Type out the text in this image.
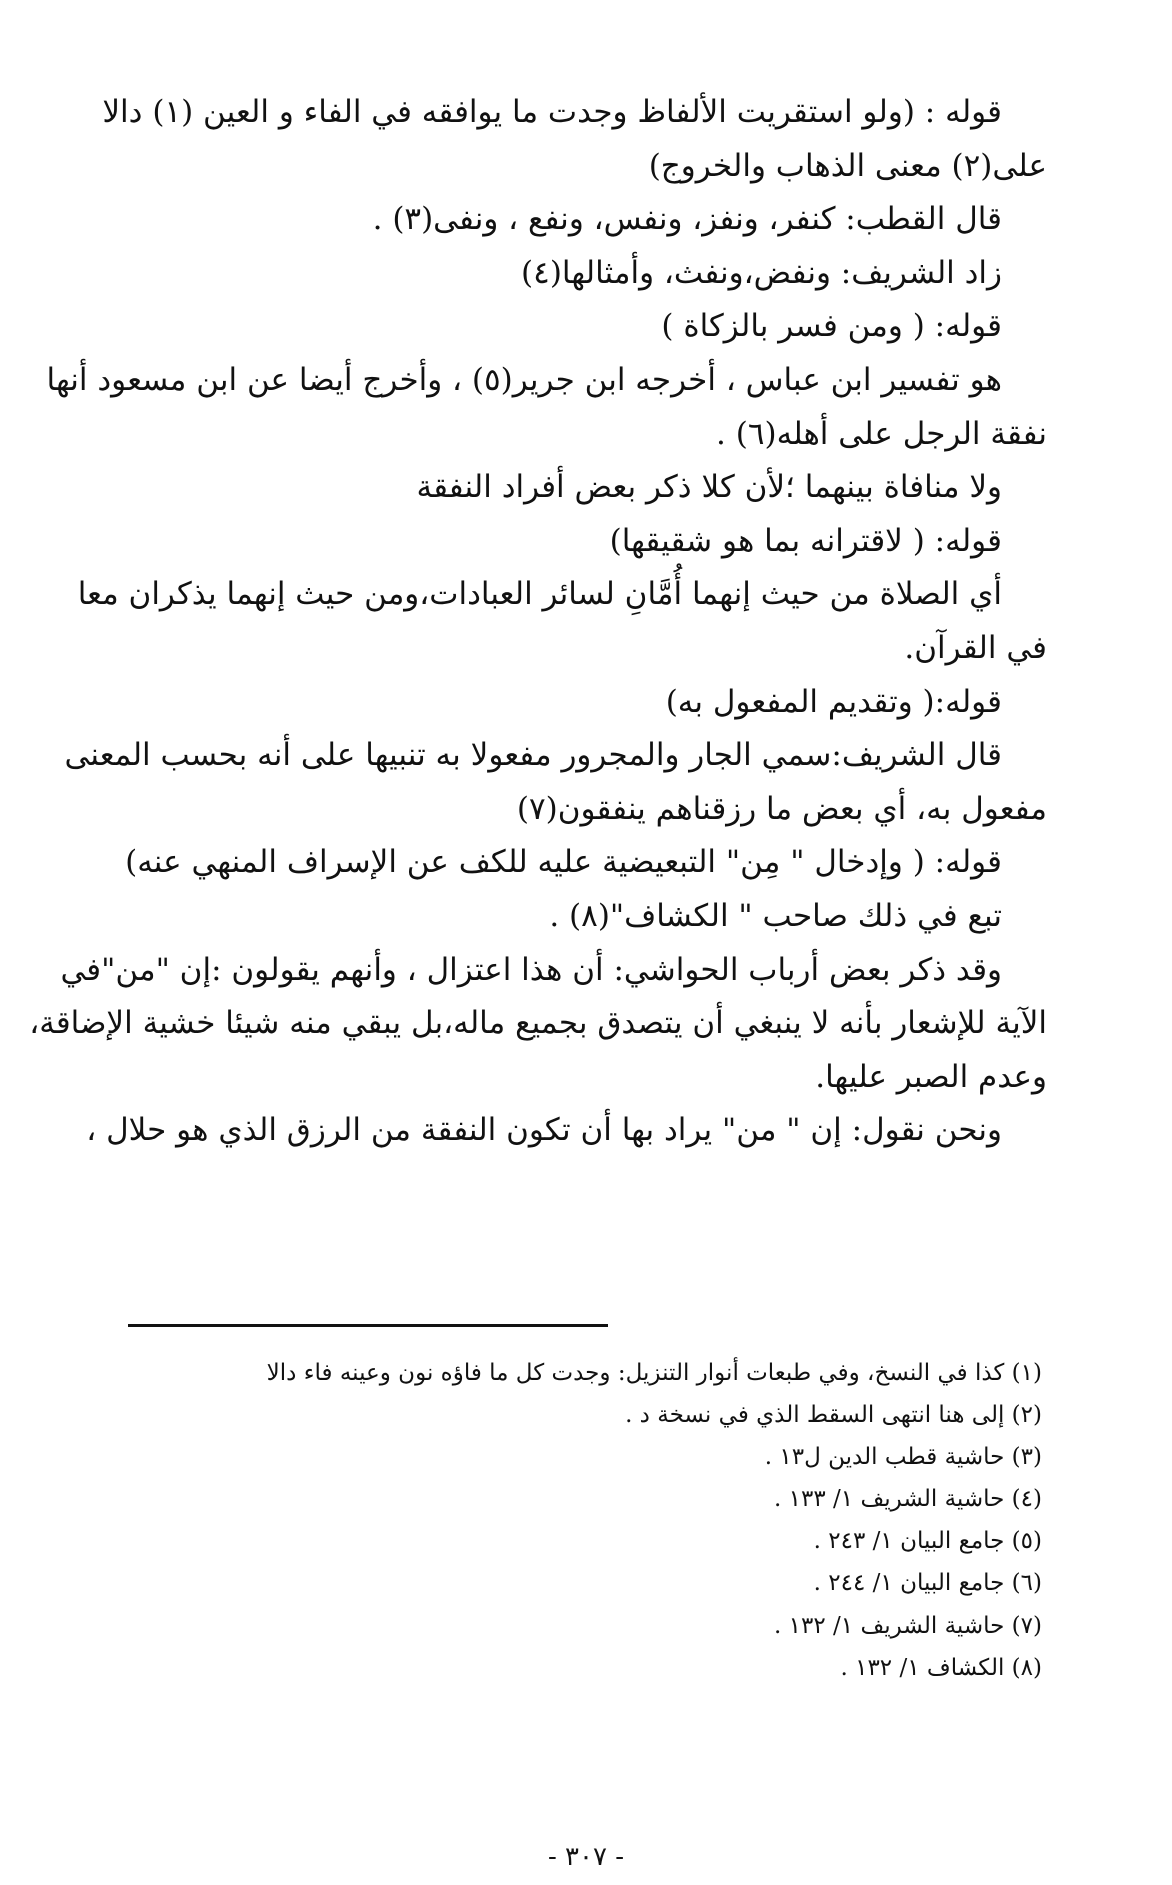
قوله : (ولو استقريت الألفاظ وجدت ما يوافقه في الفاء و العين (١) دالا
على(٢) معنى الذهاب والخروج)
قال القطب: كنفر، ونفز، ونفس، ونفع ، ونفى(٣) .
زاد الشريف: ونفض،ونفث، وأمثالها(٤)
قوله: ( ومن فسر بالزكاة )
هو تفسير ابن عباس ، أخرجه ابن جرير(٥) ، وأخرج أيضا عن ابن مسعود أنها
نفقة الرجل على أهله(٦) .
ولا منافاة بينهما ؛لأن كلا ذكر بعض أفراد النفقة
قوله: ( لاقترانه بما هو شقيقها)
أي الصلاة من حيث إنهما أُمَّانِ لسائر العبادات،ومن حيث إنهما يذكران معا
في القرآن.
قوله:( وتقديم المفعول به)
قال الشريف:سمي الجار والمجرور مفعولا به تنبيها على أنه بحسب المعنى
مفعول به، أي بعض ما رزقناهم ينفقون(٧)
قوله: ( وإدخال " مِن" التبعيضية عليه للكف عن الإسراف المنهي عنه)
تبع في ذلك صاحب " الكشاف"(٨) .
وقد ذكر بعض أرباب الحواشي: أن هذا اعتزال ، وأنهم يقولون :إن "من"في
الآية للإشعار بأنه لا ينبغي أن يتصدق بجميع ماله،بل يبقي منه شيئا خشية الإضاقة،
وعدم الصبر عليها.
ونحن نقول: إن " من" يراد بها أن تكون النفقة من الرزق الذي هو حلال ،
(١) كذا في النسخ، وفي طبعات أنوار التنزيل: وجدت كل ما فاؤه نون وعينه فاء دالا
(٢) إلى هنا انتهى السقط الذي في نسخة د .
(٣) حاشية قطب الدين ل١٣ .
(٤) حاشية الشريف ١/ ١٣٣ .
(٥) جامع البيان ١/ ٢٤٣ .
(٦) جامع البيان ١/ ٢٤٤ .
(٧) حاشية الشريف ١/ ١٣٢ .
(٨) الكشاف ١/ ١٣٢ .
- ٣٠٧ -
